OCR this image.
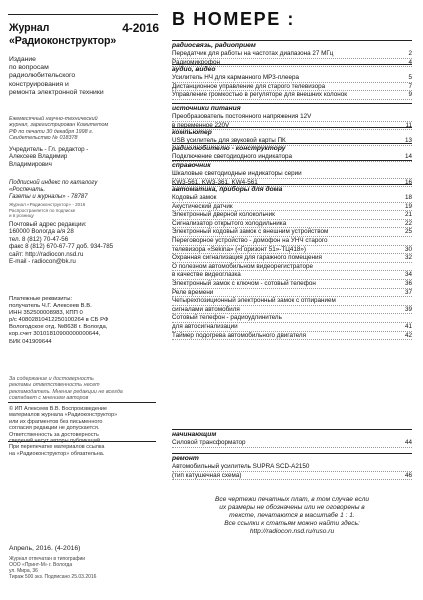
4-2016
Журнал «Радиоконструктор»
Издание
по вопросам
радиолюбительского
конструирования и
ремонта электронной техники
Ежемесячный научно-технический
журнал, зарегистрирован Комитетом
РФ по печати 30 декабря 1998 г.
Свидетельство № 018378
Учредитель - Гл. редактор -
Алексеев Владимир
Владимирович
Подписной индекс по каталогу
«Роспечать.
Газеты и журналы» - 78787
Журнал «Радиоконструктор» - 2016
Распространяется по подписке
и в розницу
Почтовый адрес редакции:
160000 Вологда а/я 28
тел. 8 (812) 70-47-56
факс 8 (812) 670-67-77 доб. 934-785
сайт: http://radiocon.nsd.ru
E-mail - radiocon@bk.ru
Платежные реквизиты:
получатель Ч.Г. Алексеев В.В.
ИНН 352500008983, КПП 0
р/с 40802810412250100264 в СБ РФ
Вологодское отд. №8638 г. Вологда,
кор.счет 30101810900000000644,
БИК 041909644
За содержание и достоверность
рекламы ответственность несет
рекламодатель. Мнение редакции не всегда
совпадает с мнением авторов
© ИП Алексеев В.В. Воспроизведение
материалов журнала «Радиоконструктор»
или их фрагментов без письменного
согласия редакции не допускается.
Ответственность за достоверность
сведений несут авторы публикаций.
При перепечатке материалов ссылка
на «Радиоконструктор» обязательна.
Апрель, 2016. (4-2016)
Журнал отпечатан в типографии
ООО «Принт-М» г. Вологда
ул. Мира, 36
Тираж 500 экз. Подписано 25.03.2016
В НОМЕРЕ :
радиосвязь, радиоприем
Передатчик для работы на частотах диапазона 27 МГц	2
Радиомикрофон	4
аудио, видео
Усилитель НЧ для карманного MP3-плеера	5
Дистанционное управление для старого телевизора	7
Управление громкостью в регуляторе для внешних колонок	9
источники питания
Преобразователь постоянного напряжения 12V
в переменное 220V	11
компьютер
USB усилитель для звуковой карты ПК	13
радиолюбителю - конструктору
Подключение светодиодного индикатора	14
справочник
Шкаловые светодиодные индикаторы серии
KW3-561, KW3-361, KW4-561	16
автоматика, приборы для дома
Кодовый замок	18
Акустический датчик	19
Электронный дверной колокольчик	21
Сигнализатор открытого холодильника	22
Электронный кодовый замок с внешним устройством	25
Переговорное устройство - домофон на УНЧ старого
телевизора «Sekina» («Горизонт 51»-ТЦ418»)	30
Охранная сигнализация для гаражного помещения	32
О полезном автомобильном видеорегистраторе
в качестве видеоглазка	34
Электронный замок с ключом - сотовый телефон	36
Реле времени	37
Четырехпозиционный электронный замок с отпиранием
сигналами автомобиля	39
Сотовый телефон - радиоудлинитель
для автосигнализации	41
Таймер подогрева автомобильного двигателя	42
начинающим
Силовой трансформатор	44
ремонт
Автомобильный усилитель SUPRA SCD-A2150
(тип катушечная схема)	46
Все чертежи печатных плат, в том случае если
их размеры не обозначены или не оговорены в
тексте, печатаются в масштабе 1 : 1.
Все ссылки к статьям можно найти здесь:
http://radiocon.nsd.ru/ruso.ru
